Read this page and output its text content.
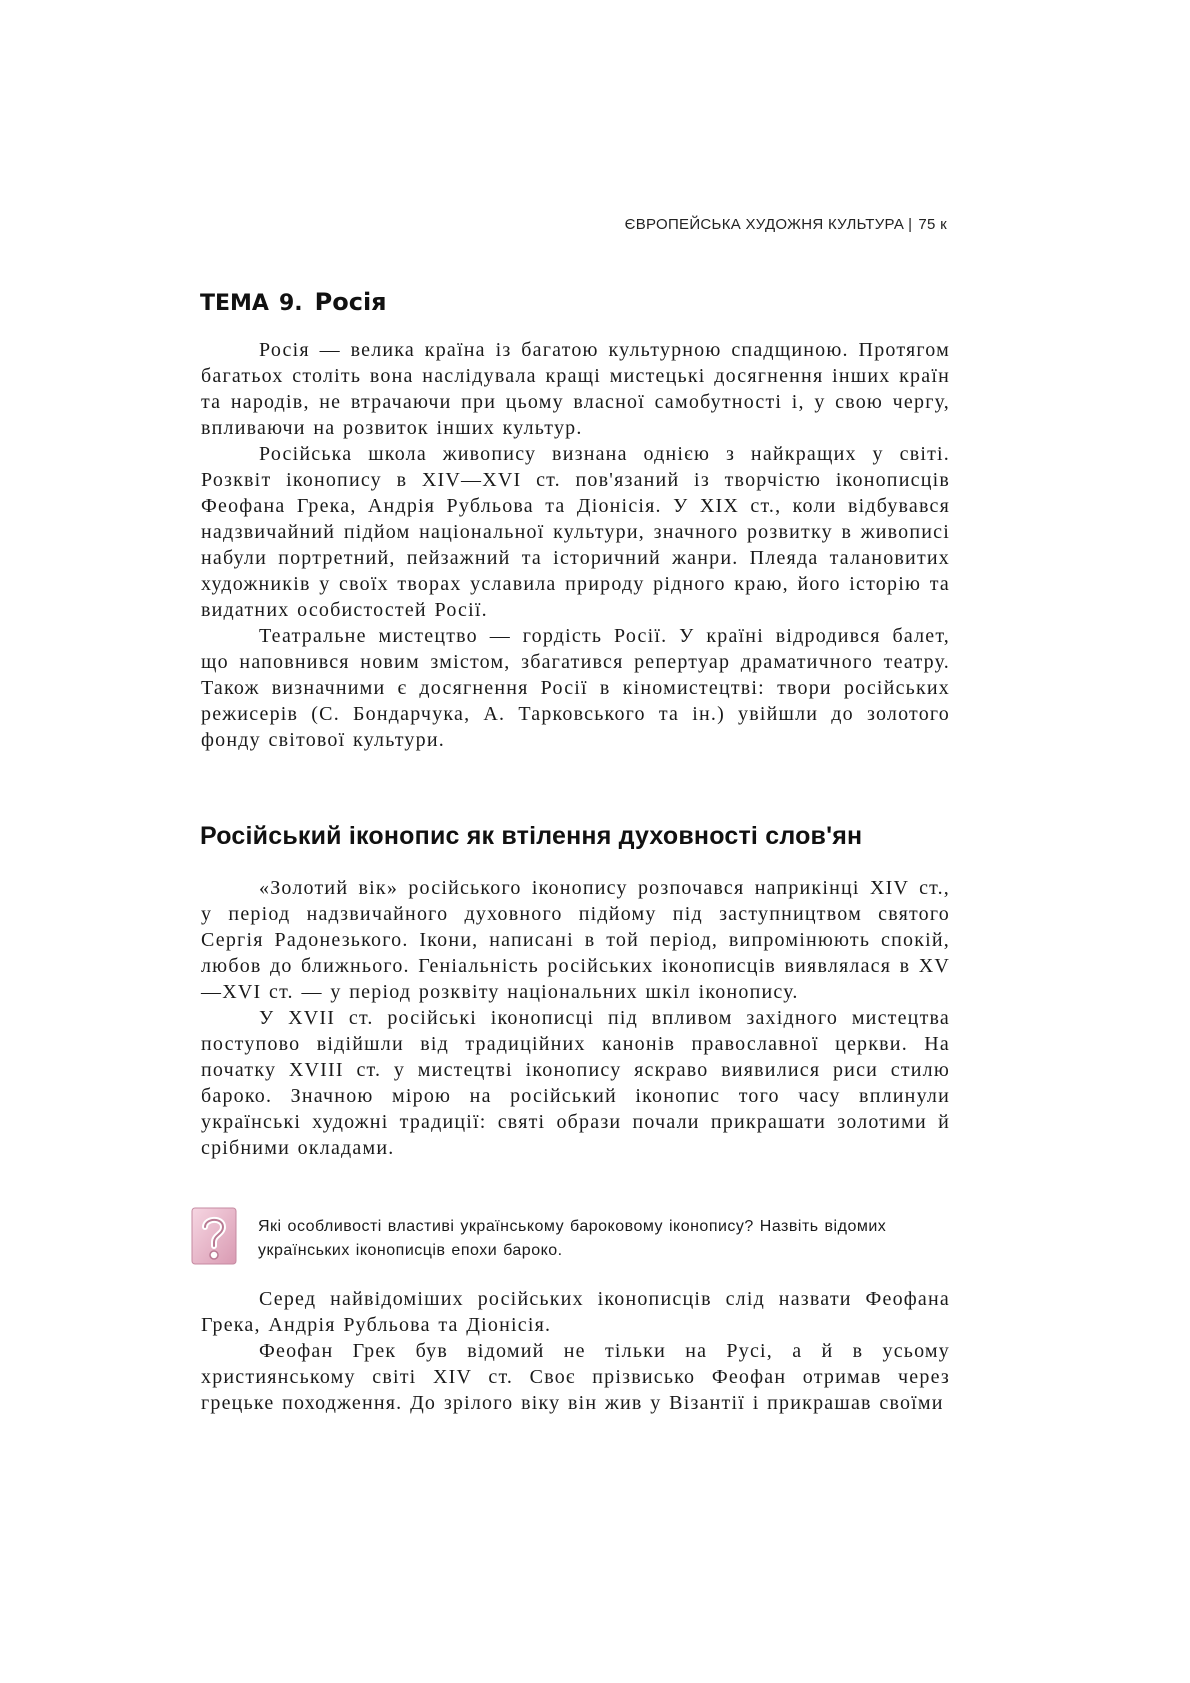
ЄВРОПЕЙСЬКА ХУДОЖНЯ КУЛЬТУРА | 75 к
ТЕМА 9. Росія

Росія — велика країна із багатою культурною спадщиною. Протягом багатьох століть вона наслідувала кращі мистецькі досягнення інших країн та народів, не втрачаючи при цьому власної самобутності і, у свою чергу, впливаючи на розвиток інших культур.

Російська школа живопису визнана однією з найкращих у світі. Розквіт іконопису в XIV—XVI ст. пов'язаний із творчістю іконописців Феофана Грека, Андрія Рубльова та Діонісія. У XIX ст., коли відбувався надзвичайний підйом національної культури, значного розвитку в живописі набули портретний, пейзажний та історичний жанри. Плеяда талановитих художників у своїх творах уславила природу рідного краю, його історію та видатних особистостей Росії.

Театральне мистецтво — гордість Росії. У країні відродився балет, що наповнився новим змістом, збагатився репертуар драматичного театру. Також визначними є досягнення Росії в кіномистецтві: твори російських режисерів (С. Бондарчука, А. Тарковського та ін.) увійшли до золотого фонду світової культури.

Російський іконопис як втілення духовності слов'ян

«Золотий вік» російського іконопису розпочався наприкінці XIV ст., у період надзвичайного духовного підйому під заступництвом святого Сергія Радонезького. Ікони, написані в той період, випромінюють спокій, любов до ближнього. Геніальність російських іконописців виявлялася в XV—XVI ст. — у період розквіту національних шкіл іконопису.

У XVII ст. російські іконописці під впливом західного мистецтва поступово відійшли від традиційних канонів православної церкви. На початку XVIII ст. у мистецтві іконопису яскраво виявилися риси стилю бароко. Значною мірою на російський іконопис того часу вплинули українські художні традиції: святі образи почали прикрашати золотими й срібними окладами.

Які особливості властиві українському бароковому іконопису? Назвіть відомих українських іконописців епохи бароко.

Серед найвідоміших російських іконописців слід назвати Феофана Грека, Андрія Рубльова та Діонісія.

Феофан Грек був відомий не тільки на Русі, а й в усьому християнському світі XIV ст. Своє прізвисько Феофан отримав через грецьке походження. До зрілого віку він жив у Візантії і прикрашав своїми
